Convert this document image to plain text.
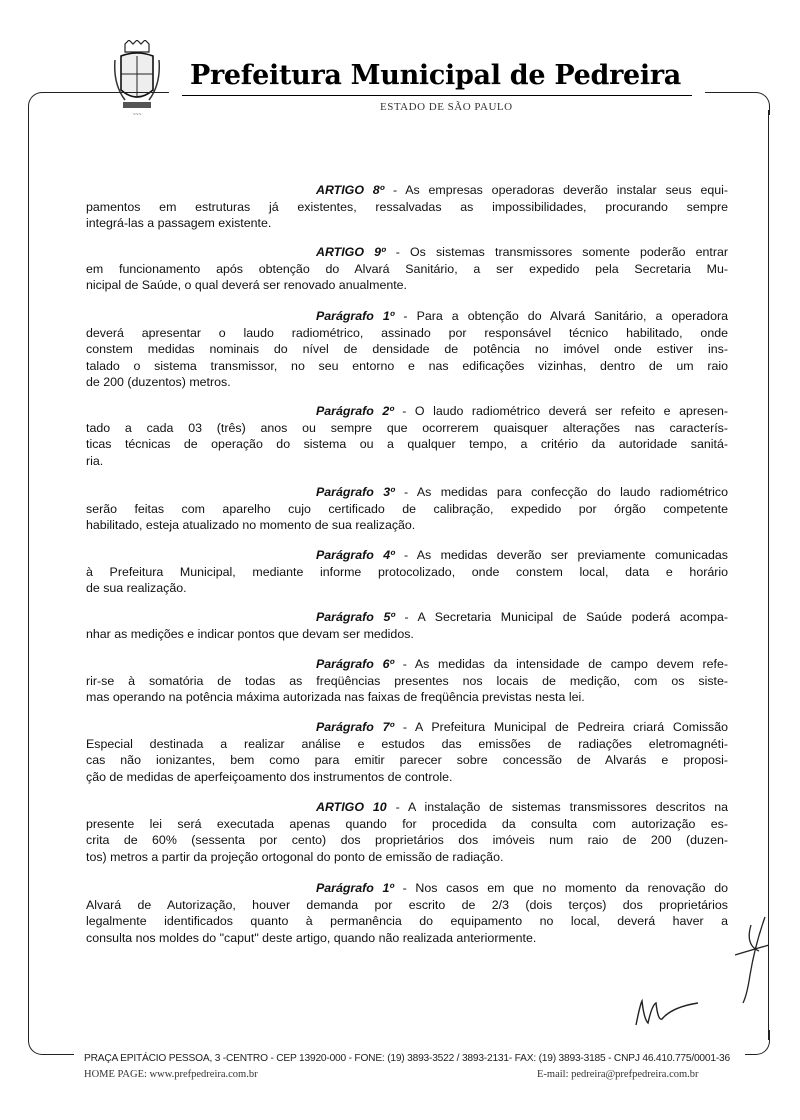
~~~
Prefeitura Municipal de Pedreira
ESTADO DE SÃO PAULO
ARTIGO 8º - As empresas operadoras deverão instalar seus equi-
pamentos em estruturas já existentes, ressalvadas as impossibilidades, procurando sempre
integrá-las a passagem existente.
ARTIGO 9º - Os sistemas transmissores somente poderão entrar
em funcionamento após obtenção do Alvará Sanitário, a ser expedido pela Secretaria Mu-
nicipal de Saúde, o qual deverá ser renovado anualmente.
Parágrafo 1º - Para a obtenção do Alvará Sanitário, a operadora
deverá apresentar o laudo radiométrico, assinado por responsável técnico habilitado, onde
constem medidas nominais do nível de densidade de potência no imóvel onde estiver ins-
talado o sistema transmissor, no seu entorno e nas edificações vizinhas, dentro de um raio
de 200 (duzentos) metros.
Parágrafo 2º - O laudo radiométrico deverá ser refeito e apresen-
tado a cada 03 (três) anos ou sempre que ocorrerem quaisquer alterações nas caracterís-
ticas técnicas de operação do sistema ou a qualquer tempo, a critério da autoridade sanitá-
ria.
Parágrafo 3º - As medidas para confecção do laudo radiométrico
serão feitas com aparelho cujo certificado de calibração, expedido por órgão competente
habilitado, esteja atualizado no momento de sua realização.
Parágrafo 4º - As medidas deverão ser previamente comunicadas
à Prefeitura Municipal, mediante informe protocolizado, onde constem local, data e horário
de sua realização.
Parágrafo 5º - A Secretaria Municipal de Saúde poderá acompa-
nhar as medições e indicar pontos que devam ser medidos.
Parágrafo 6º - As medidas da intensidade de campo devem refe-
rir-se à somatória de todas as freqüências presentes nos locais de medição, com os siste-
mas operando na potência máxima autorizada nas faixas de freqüência previstas nesta lei.
Parágrafo 7º - A Prefeitura Municipal de Pedreira criará Comissão
Especial destinada a realizar análise e estudos das emissões de radiações eletromagnéti-
cas não ionizantes, bem como para emitir parecer sobre concessão de Alvarás e proposi-
ção de medidas de aperfeiçoamento dos instrumentos de controle.
ARTIGO 10 - A instalação de sistemas transmissores descritos na
presente lei será executada apenas quando for procedida da consulta com autorização es-
crita de 60% (sessenta por cento) dos proprietários dos imóveis num raio de 200 (duzen-
tos) metros a partir da projeção ortogonal do ponto de emissão de radiação.
Parágrafo 1º - Nos casos em que no momento da renovação do
Alvará de Autorização, houver demanda por escrito de 2/3 (dois terços) dos proprietários
legalmente identificados quanto à permanência do equipamento no local, deverá haver a
consulta nos moldes do "caput" deste artigo, quando não realizada anteriormente.
PRAÇA EPITÁCIO PESSOA, 3 -CENTRO - CEP 13920-000 - FONE: (19) 3893-3522 / 3893-2131- FAX: (19) 3893-3185 - CNPJ 46.410.775/0001-36
HOME PAGE: www.prefpedreira.com.br	E-mail: pedreira@prefpedreira.com.br
